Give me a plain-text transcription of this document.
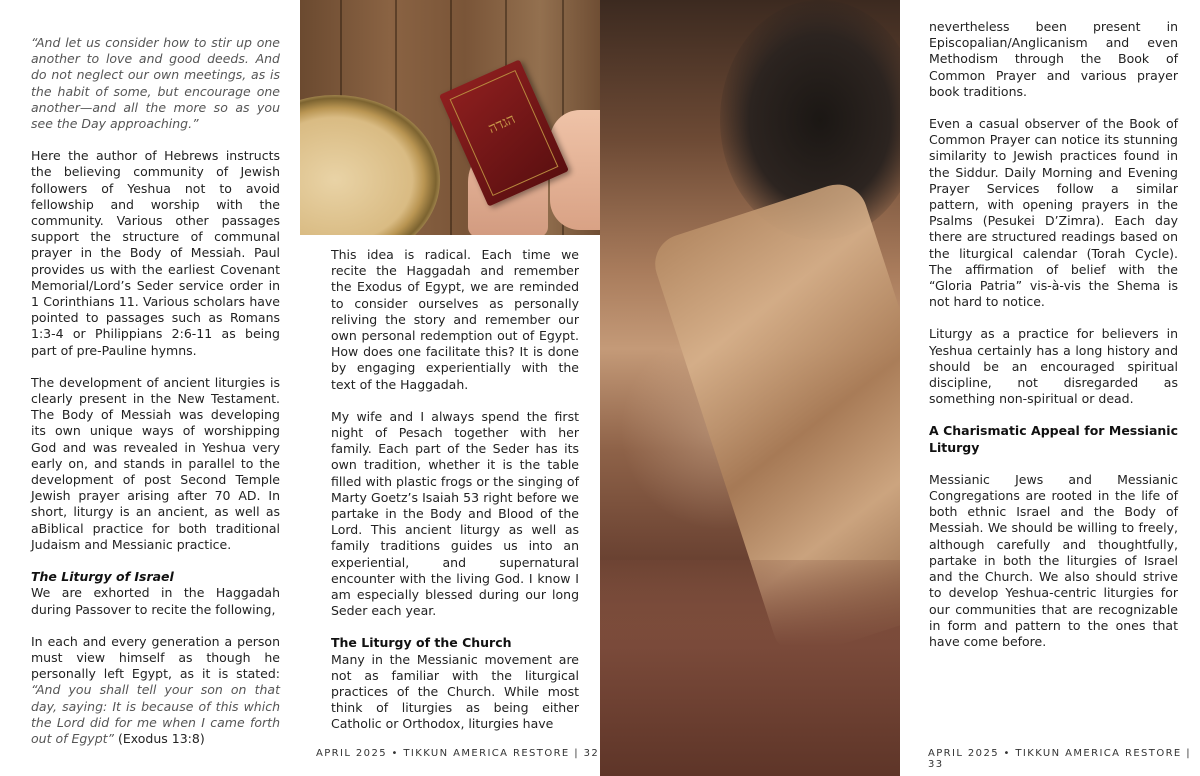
“And let us consider how to stir up one another to love and good deeds. And do not neglect our own meetings, as is the habit of some, but encourage one another—and all the more so as you see the Day approaching.”

Here the author of Hebrews instructs the believing community of Jewish followers of Yeshua not to avoid fellowship and worship with the community. Various other passages support the structure of communal prayer in the Body of Messiah. Paul provides us with the earliest Covenant Memorial/Lord’s Seder service order in 1 Corinthians 11. Various scholars have pointed to passages such as Romans 1:3-4 or Philippians 2:6-11 as being part of pre-Pauline hymns.

The development of ancient liturgies is clearly present in the New Testament. The Body of Messiah was developing its own unique ways of worshipping God and was revealed in Yeshua very early on, and stands in parallel to the development of post Second Temple Jewish prayer arising after 70 AD. In short, liturgy is an ancient, as well as aBiblical practice for both traditional Judaism and Messianic practice.

The Liturgy of Israel

We are exhorted in the Haggadah during Passover to recite the following,

In each and every generation a person must view himself as though he personally left Egypt, as it is stated: “And you shall tell your son on that day, saying: It is because of this which the Lord did for me when I came forth out of Egypt” (Exodus 13:8)

הגדה

This idea is radical. Each time we recite the Haggadah and remember the Exodus of Egypt, we are reminded to consider ourselves as personally reliving the story and remember our own personal redemption out of Egypt. How does one facilitate this? It is done by engaging experientially with the text of the Haggadah.

My wife and I always spend the first night of Pesach together with her family. Each part of the Seder has its own tradition, whether it is the table filled with plastic frogs or the singing of Marty Goetz’s Isaiah 53 right before we partake in the Body and Blood of the Lord. This ancient liturgy as well as family traditions guides us into an experiential, and supernatural encounter with the living God. I know I am especially blessed during our long Seder each year.

The Liturgy of the Church

Many in the Messianic movement are not as familiar with the liturgical practices of the Church. While most think of liturgies as being either Catholic or Orthodox, liturgies have

APRIL 2025 • TIKKUN AMERICA RESTORE | 32

nevertheless been present in Episcopalian/Anglicanism and even Methodism through the Book of Common Prayer and various prayer book traditions.

Even a casual observer of the Book of Common Prayer can notice its stunning similarity to Jewish practices found in the Siddur. Daily Morning and Evening Prayer Services follow a similar pattern, with opening prayers in the Psalms (Pesukei D’Zimra). Each day there are structured readings based on the liturgical calendar (Torah Cycle). The affirmation of belief with the “Gloria Patria” vis-à-vis the Shema is not hard to notice.

Liturgy as a practice for believers in Yeshua certainly has a long history and should be an encouraged spiritual discipline, not disregarded as something non-spiritual or dead.

A Charismatic Appeal for Messianic Liturgy

Messianic Jews and Messianic Congregations are rooted in the life of both ethnic Israel and the Body of Messiah. We should be willing to freely, although carefully and thoughtfully, partake in both the liturgies of Israel and the Church. We also should strive to develop Yeshua-centric liturgies for our communities that are recognizable in form and pattern to the ones that have come before.

APRIL 2025 • TIKKUN AMERICA RESTORE | 33
